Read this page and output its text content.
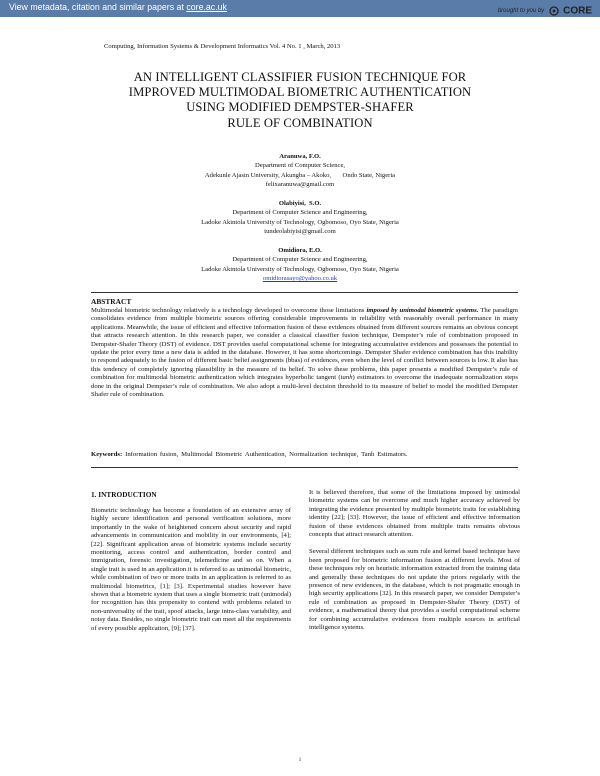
View metadata, citation and similar papers at core.ac.uk	brought to you by CORE
provided by International Institute for Science, Technology and Education (IISTE): E-Journals
Computing, Information Systems & Development Informatics Vol. 4 No. 1 , March, 2013
AN INTELLIGENT CLASSIFIER FUSION TECHNIQUE FOR
IMPROVED MULTIMODAL BIOMETRIC AUTHENTICATION
USING MODIFIED DEMPSTER-SHAFER
RULE OF COMBINATION
Aranuwa, F.O.
Department of Computer Science,
Adekunle Ajasin University, Akungba – Akoko,       Ondo State, Nigeria
felixaranuwa@gmail.com
Olabiyisi,  S.O.
Department of Computer Science and Engineering,
Ladoke Akintola University of Technology, Ogbomoso, Oyo State, Nigeria
tundeolabiyisi@gmail.com
Omidiora, E.O.
Department of Computer Science and Engineering,
Ladoke Akintola University of Technology, Ogbomoso, Oyo State, Nigeria
omidiorasayo@yahoo.co.uk
ABSTRACT
Multimodal biometric technology relatively is a technology developed to overcome those limitations imposed by unimodal biometric systems. The paradigm consolidates evidence from multiple biometric sources offering considerable improvements in reliability with reasonably overall performance in many applications. Meanwhile, the issue of efficient and effective information fusion of these evidences obtained from different sources remains an obvious concept that attracts research attention. In this research paper, we consider a classical classifier fusion technique, Dempster’s rule of combination proposed in Dempster-Shafer Theory (DST) of evidence. DST provides useful computational scheme for integrating accumulative evidences and possesses the potential to update the prior every time a new data is added in the database. However, it has some shortcomings. Dempster Shafer evidence combination has this inability to respond adequately to the fusion of different basic belief assignments (bbas) of evidences, even when the level of conflict between sources is low. It also has this tendency of completely ignoring plausibility in the measure of its belief. To solve these problems, this paper presents a modified Dempster’s rule of combination for multimodal biometric authentication which integrates hyperbolic tangent (tanh) estimators to overcome the inadequate normalization steps done in the original Dempster’s rule of combination. We also adopt a multi-level decision threshold to its measure of belief to model the modified Dempster Shafer rule of combination.
Keywords: Information fusion, Multimodal Biometric Authentication, Normalization technique, Tanh Estimators.
1. INTRODUCTION

Biometric technology has become a foundation of an extensive array of highly secure identification and personal verification solutions, more importantly in the wake of heightened concern about security and rapid advancements in communication and mobility in our environments, [4]; [22]. Significant application areas of biometric systems include security monitoring, access control and authentication, border control and immigration, forensic investigation, telemedicine and so on. When a single trait is used in an application it is referred to as unimodal biometric, while combination of two or more traits in an application is referred to as multimodal biometrics, [1]; [3]. Experimental studies however have shown that a biometric system that uses a single biometric trait (unimodal) for recognition has this propensity to contend with problems related to non-universality of the trait, spoof attacks, large intra-class variability, and noisy data. Besides, no single biometric trait can meet all the requirements of every possible application, [9]; [37].

It is believed therefore, that some of the limitations imposed by unimodal biometric systems can be overcome and much higher accuracy achieved by integrating the evidence presented by multiple biometric traits for establishing identity [22]; [33]. However, the issue of efficient and effective information fusion of these evidences obtained from multiple traits remains obvious concepts that attract research attention.

Several different techniques such as sum rule and kernel based technique have been proposed for biometric information fusion at different levels. Most of these techniques rely on heuristic information extracted from the training data and generally these techniques do not update the priors regularly with the presence of new evidences, in the database, which is not pragmatic enough in high security applications [32]. In this research paper, we consider Dempster’s rule of combination as proposed in Dempster-Shafer Theory (DST) of evidence, a mathematical theory that provides a useful computational scheme for combining accumulative evidences from multiple sources in artificial intelligence systems.

1
